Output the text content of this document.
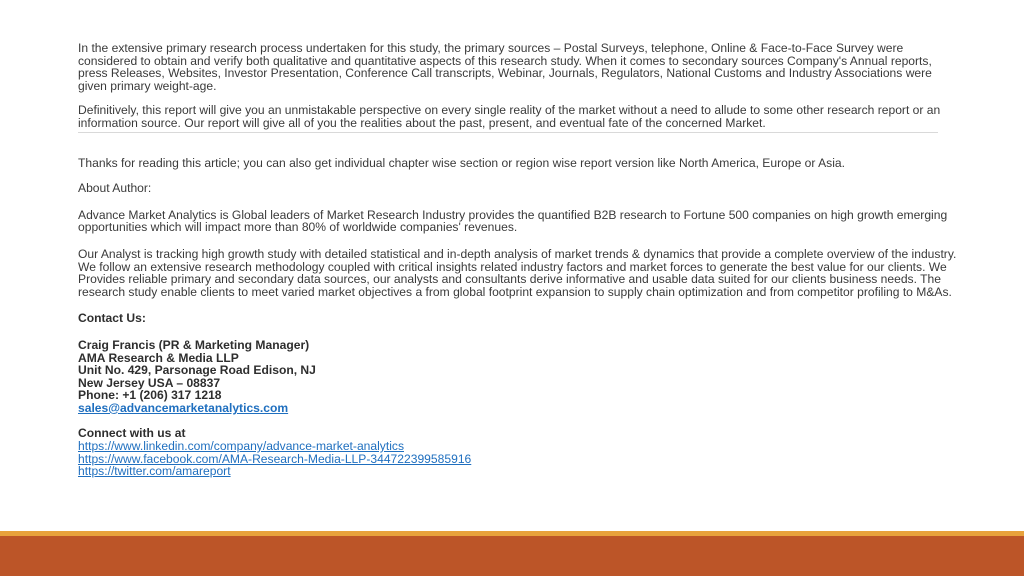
In the extensive primary research process undertaken for this study, the primary sources – Postal Surveys, telephone, Online & Face-to-Face Survey were considered to obtain and verify both qualitative and quantitative aspects of this research study. When it comes to secondary sources Company's Annual reports, press Releases, Websites, Investor Presentation, Conference Call transcripts, Webinar, Journals, Regulators, National Customs and Industry Associations were given primary weight-age.

Definitively, this report will give you an unmistakable perspective on every single reality of the market without a need to allude to some other research report or an information source. Our report will give all of you the realities about the past, present, and eventual fate of the concerned Market.

Thanks for reading this article; you can also get individual chapter wise section or region wise report version like North America, Europe or Asia.

About Author:

Advance Market Analytics is Global leaders of Market Research Industry provides the quantified B2B research to Fortune 500 companies on high growth emerging opportunities which will impact more than 80% of worldwide companies' revenues.

Our Analyst is tracking high growth study with detailed statistical and in-depth analysis of market trends & dynamics that provide a complete overview of the industry. We follow an extensive research methodology coupled with critical insights related industry factors and market forces to generate the best value for our clients. We Provides reliable primary and secondary data sources, our analysts and consultants derive informative and usable data suited for our clients business needs. The research study enable clients to meet varied market objectives a from global footprint expansion to supply chain optimization and from competitor profiling to M&As.

Contact Us:

Craig Francis (PR & Marketing Manager)
AMA Research & Media LLP
Unit No. 429, Parsonage Road Edison, NJ
New Jersey USA – 08837
Phone: +1 (206) 317 1218
sales@advancemarketanalytics.com
Connect with us at
https://www.linkedin.com/company/advance-market-analytics
https://www.facebook.com/AMA-Research-Media-LLP-344722399585916
https://twitter.com/amareport
